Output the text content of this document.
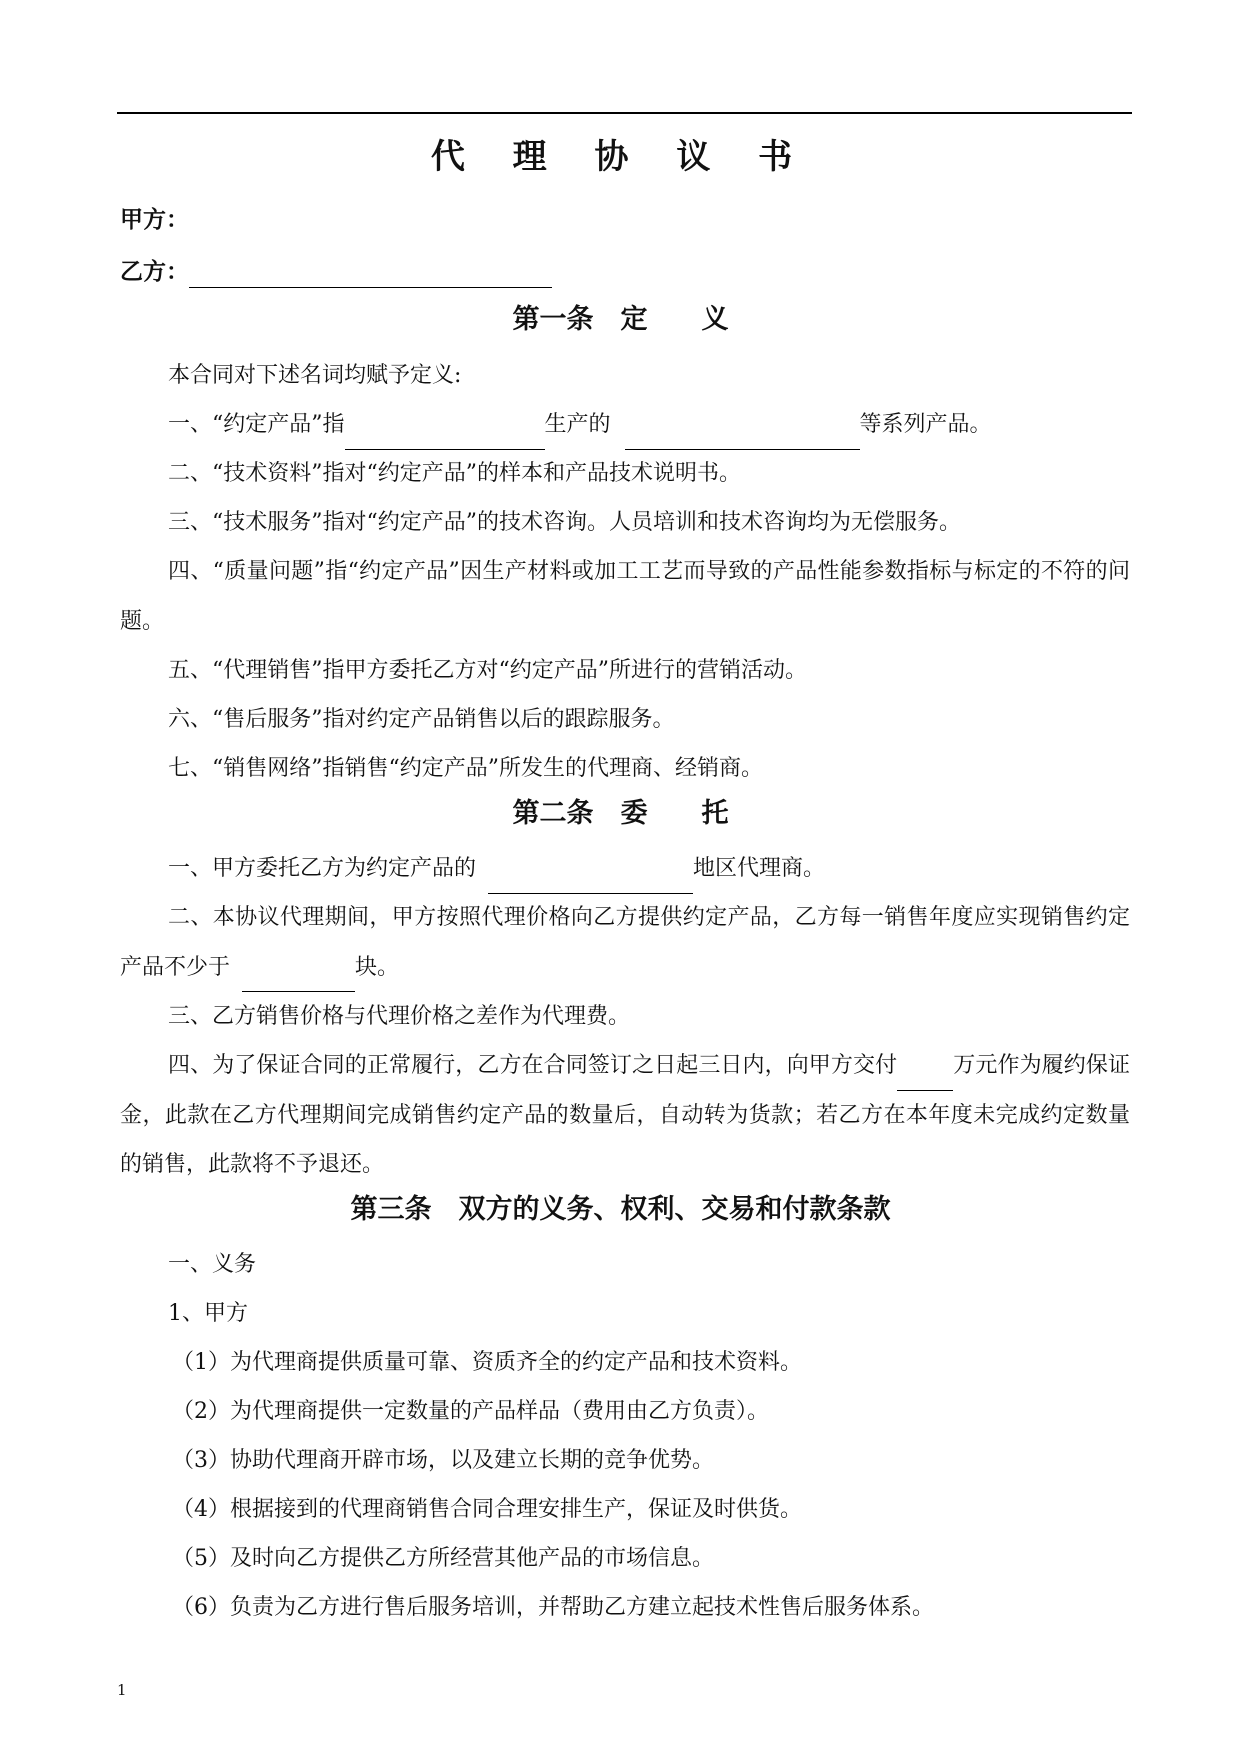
代 理 协 议 书
甲方：
乙方：
第一条　定　　义
本合同对下述名词均赋予定义:
一、“约定产品”指	生产的	等系列产品。
二、“技术资料”指对“约定产品”的样本和产品技术说明书。
三、“技术服务”指对“约定产品”的技术咨询。人员培训和技术咨询均为无偿服务。
四、“质量问题”指“约定产品”因生产材料或加工工艺而导致的产品性能参数指标与标定的不符的问题。
五、“代理销售”指甲方委托乙方对“约定产品”所进行的营销活动。
六、“售后服务”指对约定产品销售以后的跟踪服务。
七、“销售网络”指销售“约定产品”所发生的代理商、经销商。
第二条　委　　托
一、甲方委托乙方为约定产品的	地区代理商。
二、本协议代理期间，甲方按照代理价格向乙方提供约定产品，乙方每一销售年度应实现销售约定产品不少于	块。
三、乙方销售价格与代理价格之差作为代理费。
四、为了保证合同的正常履行，乙方在合同签订之日起三日内，向甲方交付	万元作为履约保证金，此款在乙方代理期间完成销售约定产品的数量后，自动转为货款；若乙方在本年度未完成约定数量的销售，此款将不予退还。
第三条　双方的义务、权利、交易和付款条款
一、义务
1、甲方
（1）为代理商提供质量可靠、资质齐全的约定产品和技术资料。
（2）为代理商提供一定数量的产品样品（费用由乙方负责）。
（3）协助代理商开辟市场，以及建立长期的竞争优势。
（4）根据接到的代理商销售合同合理安排生产，保证及时供货。
（5）及时向乙方提供乙方所经营其他产品的市场信息。
（6）负责为乙方进行售后服务培训，并帮助乙方建立起技术性售后服务体系。
1
